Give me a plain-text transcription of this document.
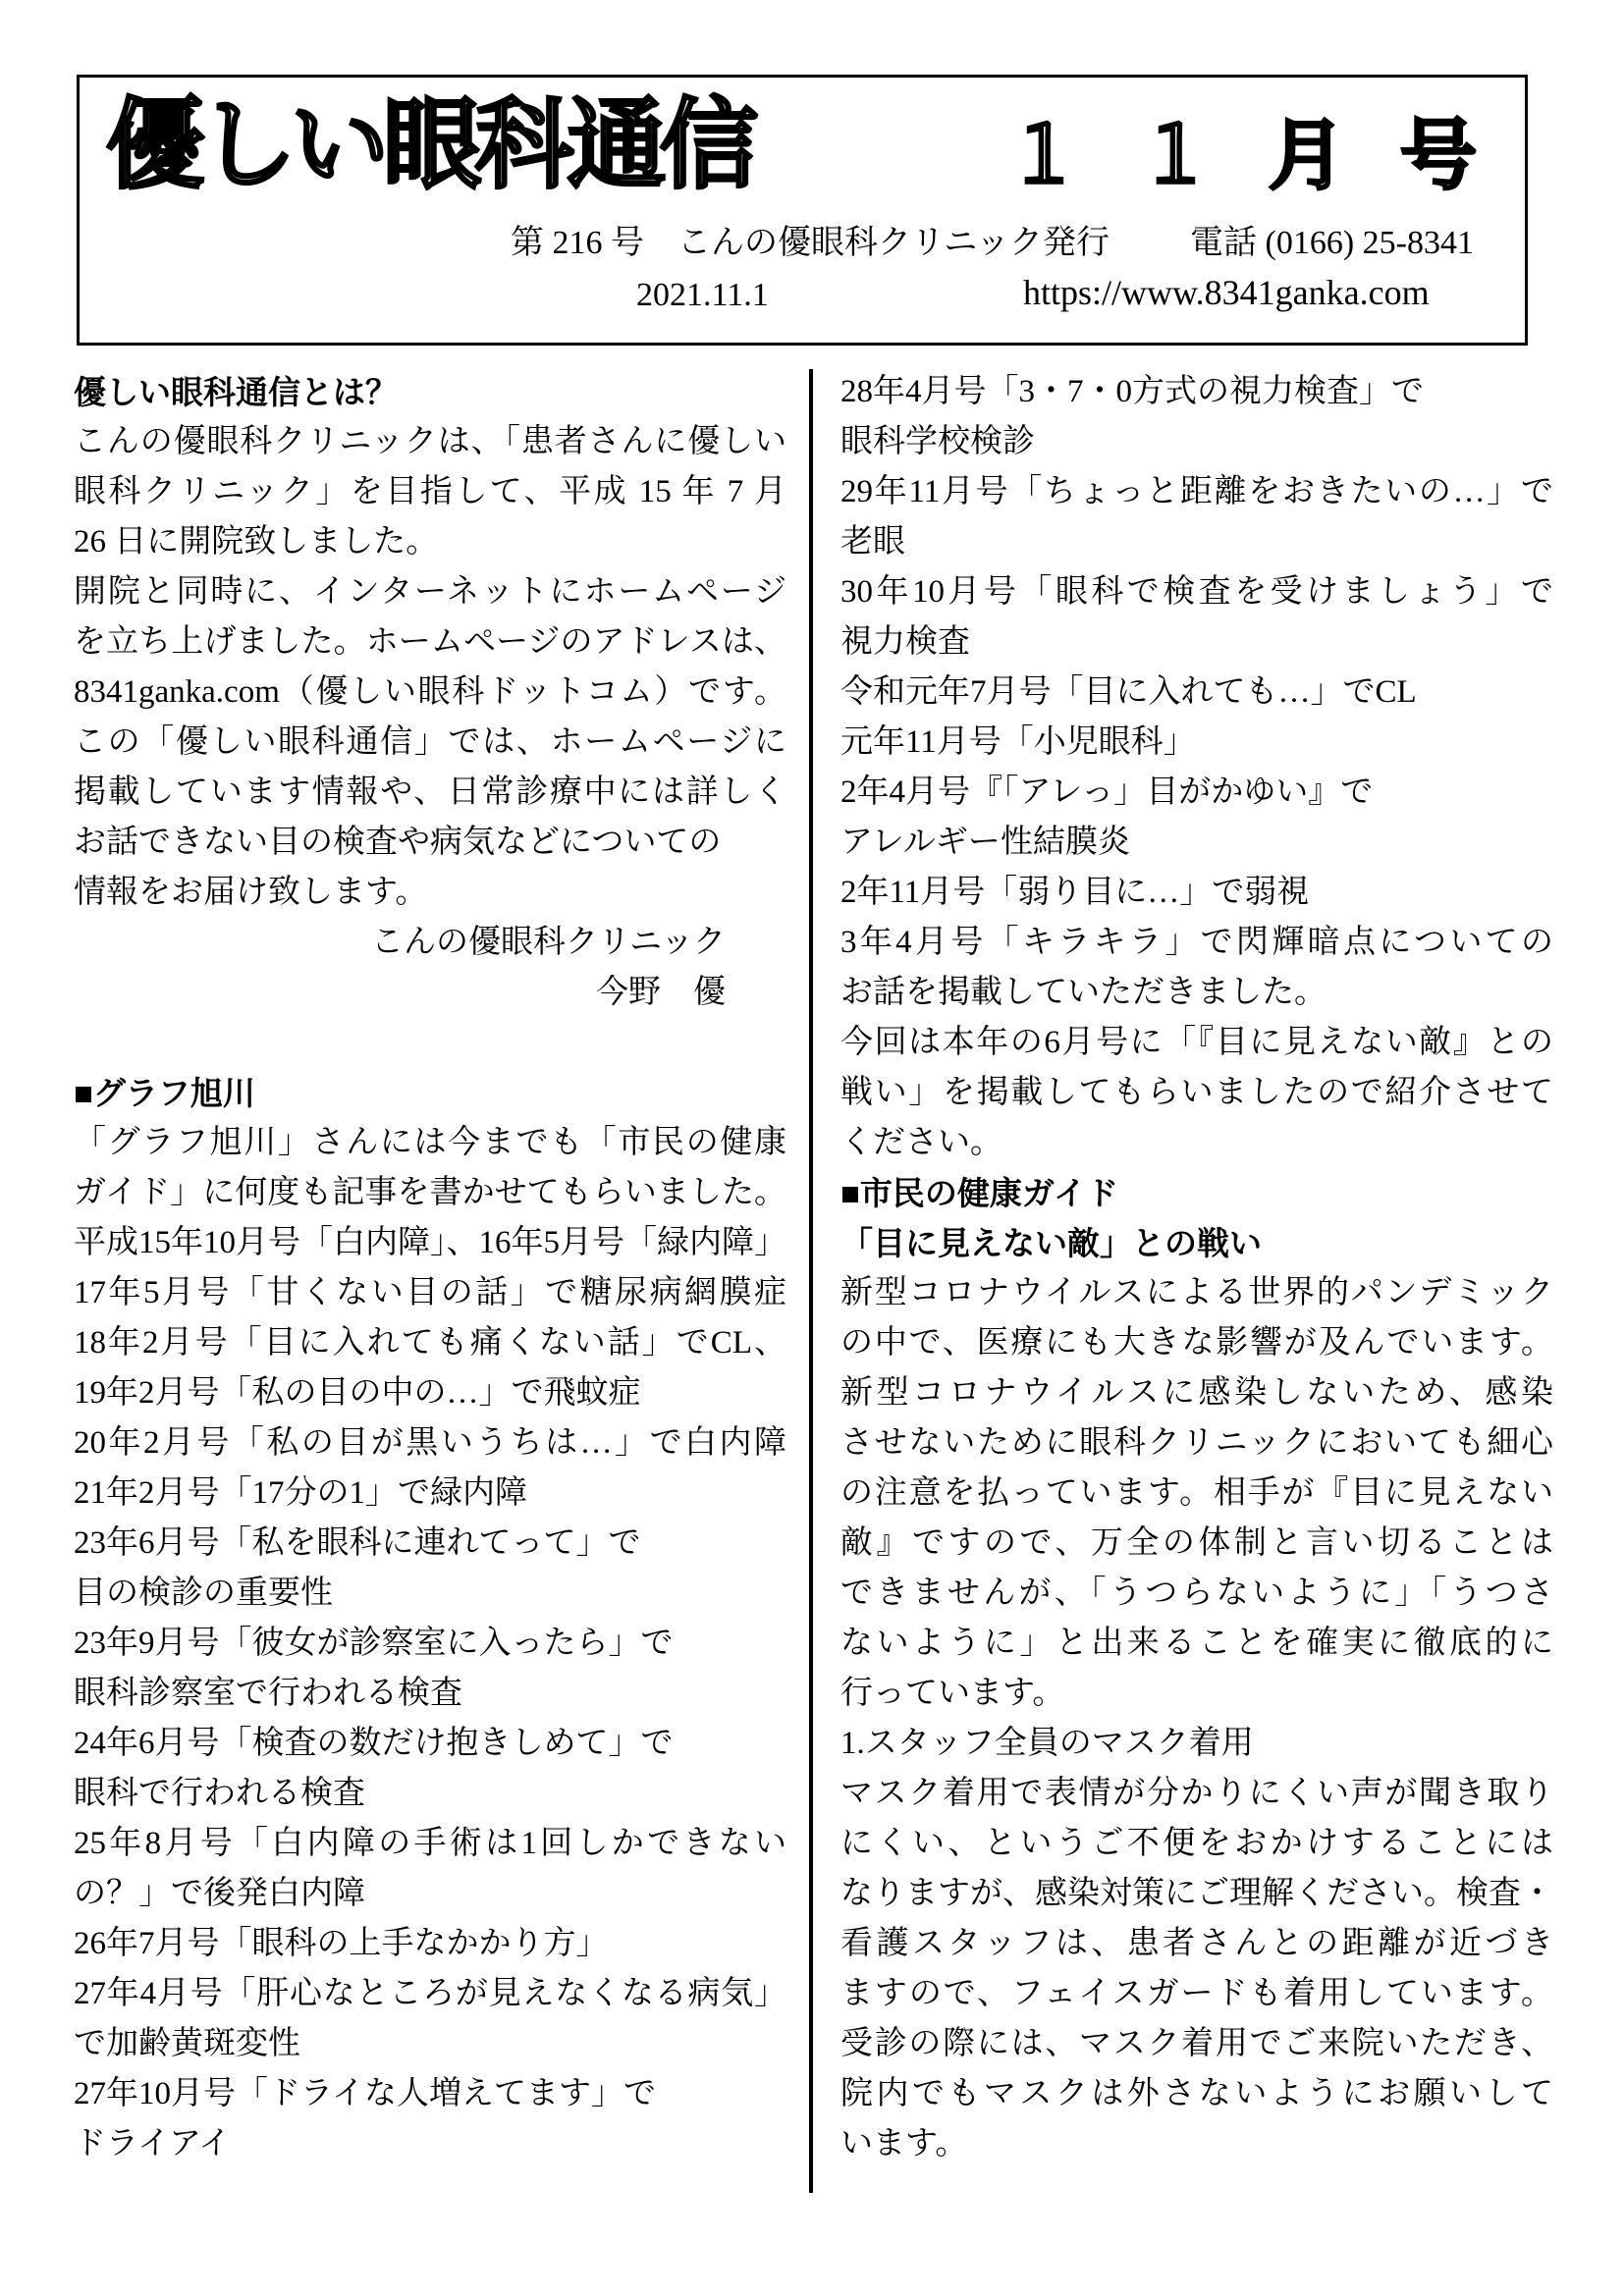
優しい眼科通信	１１月号
第 216 号　こんの優眼科クリニック発行 電話 (0166) 25-8341
2021.11.1	https://www.8341ganka.com
優しい眼科通信とは？
こんの優眼科クリニックは、「患者さんに優しい
眼科クリニック」を目指して、平成 15 年 7 月
26 日に開院致しました。
開院と同時に、インターネットにホームページ
を立ち上げました。ホームページのアドレスは、
8341ganka.com（優しい眼科ドットコム）です。
この「優しい眼科通信」では、ホームページに
掲載しています情報や、日常診療中には詳しく
お話できない目の検査や病気などについての
情報をお届け致します。
こんの優眼科クリニック
今野　優
■グラフ旭川
「グラフ旭川」さんには今までも「市民の健康
ガイド」に何度も記事を書かせてもらいました。
平成15年10月号「白内障」、16年5月号「緑内障」
17年5月号「甘くない目の話」で糖尿病網膜症
18年2月号「目に入れても痛くない話」でCL、
19年2月号「私の目の中の…」で飛蚊症
20年2月号「私の目が黒いうちは…」で白内障
21年2月号「17分の1」で緑内障
23年6月号「私を眼科に連れてって」で
目の検診の重要性
23年9月号「彼女が診察室に入ったら」で
眼科診察室で行われる検査
24年6月号「検査の数だけ抱きしめて」で
眼科で行われる検査
25年8月号「白内障の手術は1回しかできない
の？」で後発白内障
26年7月号「眼科の上手なかかり方」
27年4月号「肝心なところが見えなくなる病気」
で加齢黄斑変性
27年10月号「ドライな人増えてます」で
ドライアイ
28年4月号「3・7・0方式の視力検査」で
眼科学校検診
29年11月号「ちょっと距離をおきたいの…」で
老眼
30年10月号「眼科で検査を受けましょう」で
視力検査
令和元年7月号「目に入れても…」でCL
元年11月号「小児眼科」
2年4月号『「アレっ」目がかゆい』で
アレルギー性結膜炎
2年11月号「弱り目に…」で弱視
3年4月号「キラキラ」で閃輝暗点についての
お話を掲載していただきました。
今回は本年の6月号に「『目に見えない敵』との
戦い」を掲載してもらいましたので紹介させて
ください。
■市民の健康ガイド
「目に見えない敵」との戦い
新型コロナウイルスによる世界的パンデミック
の中で、医療にも大きな影響が及んでいます。
新型コロナウイルスに感染しないため、感染
させないために眼科クリニックにおいても細心
の注意を払っています。相手が『目に見えない
敵』ですので、万全の体制と言い切ることは
できませんが、「うつらないように」「うつさ
ないように」と出来ることを確実に徹底的に
行っています。
1.スタッフ全員のマスク着用
マスク着用で表情が分かりにくい声が聞き取り
にくい、というご不便をおかけすることには
なりますが、感染対策にご理解ください。検査・
看護スタッフは、患者さんとの距離が近づき
ますので、フェイスガードも着用しています。
受診の際には、マスク着用でご来院いただき、
院内でもマスクは外さないようにお願いして
います。
